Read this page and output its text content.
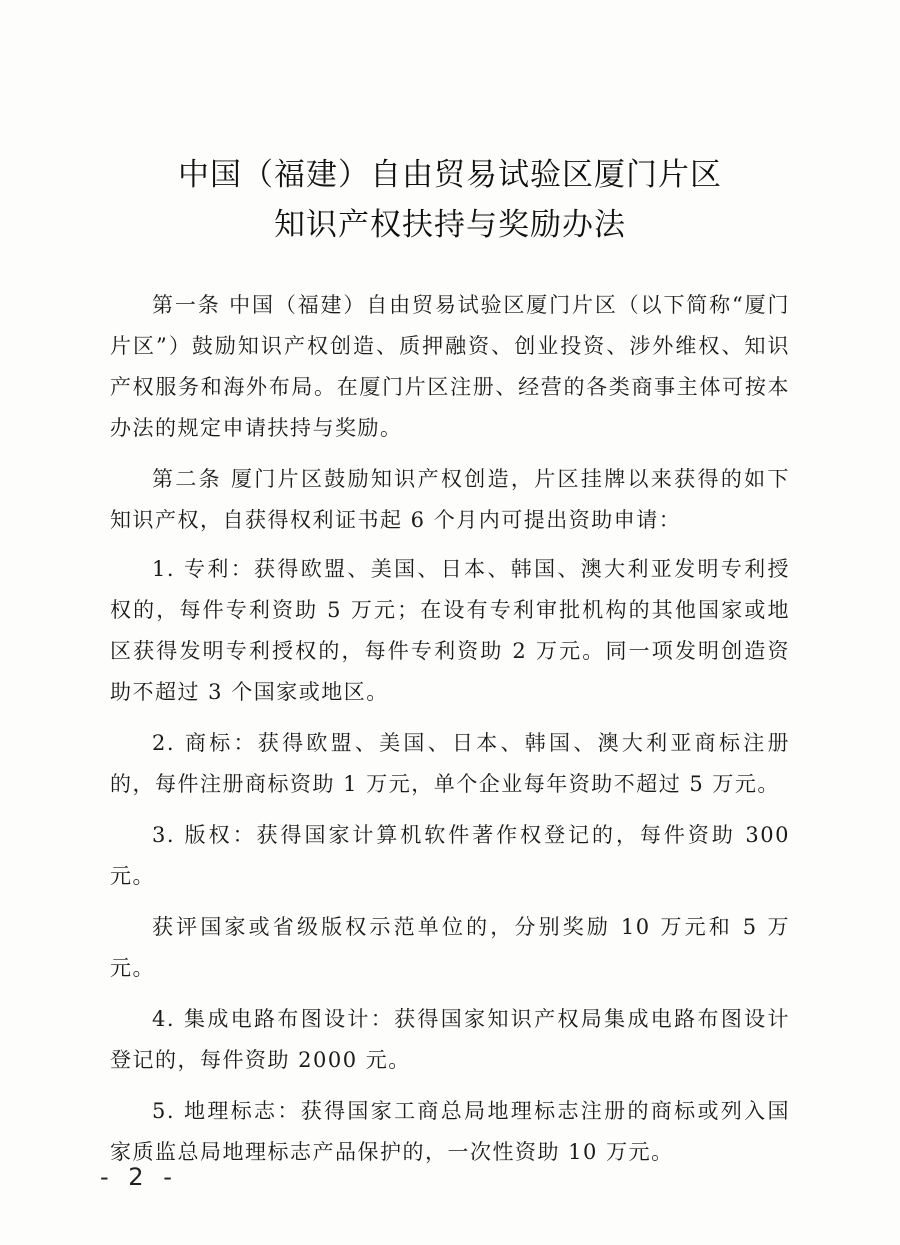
中国（福建）自由贸易试验区厦门片区

知识产权扶持与奖励办法

第一条 中国（福建）自由贸易试验区厦门片区（以下简称“厦门片区”）鼓励知识产权创造、质押融资、创业投资、涉外维权、知识产权服务和海外布局。在厦门片区注册、经营的各类商事主体可按本办法的规定申请扶持与奖励。

第二条 厦门片区鼓励知识产权创造，片区挂牌以来获得的如下知识产权，自获得权利证书起 6 个月内可提出资助申请：

1. 专利：获得欧盟、美国、日本、韩国、澳大利亚发明专利授权的，每件专利资助 5 万元；在设有专利审批机构的其他国家或地区获得发明专利授权的，每件专利资助 2 万元。同一项发明创造资助不超过 3 个国家或地区。

2. 商标：获得欧盟、美国、日本、韩国、澳大利亚商标注册的，每件注册商标资助 1 万元，单个企业每年资助不超过 5 万元。

3. 版权：获得国家计算机软件著作权登记的，每件资助 300 元。

获评国家或省级版权示范单位的，分别奖励 10 万元和 5 万元。

4. 集成电路布图设计：获得国家知识产权局集成电路布图设计登记的，每件资助 2000 元。

5. 地理标志：获得国家工商总局地理标志注册的商标或列入国家质监总局地理标志产品保护的，一次性资助 10 万元。

- 2 -
